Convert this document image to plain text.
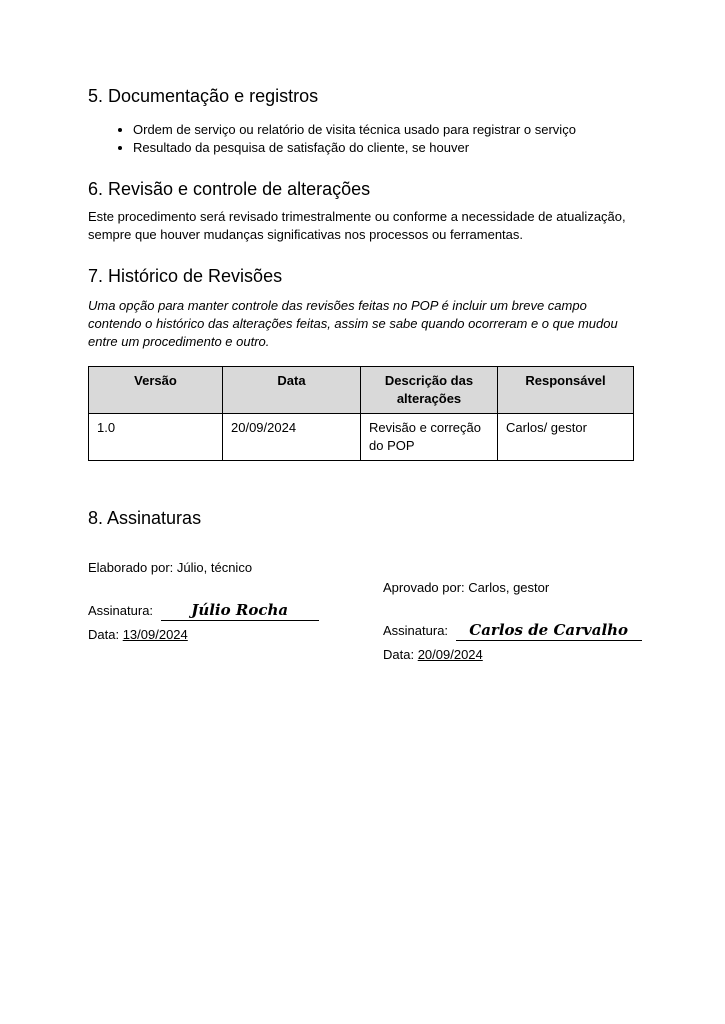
5. Documentação e registros
• Ordem de serviço ou relatório de visita técnica usado para registrar o serviço
• Resultado da pesquisa de satisfação do cliente, se houver
6. Revisão e controle de alterações

Este procedimento será revisado trimestralmente ou conforme a necessidade de atualização, sempre que houver mudanças significativas nos processos ou ferramentas.

7. Histórico de Revisões

Uma opção para manter controle das revisões feitas no POP é incluir um breve campo contendo o histórico das alterações feitas, assim se sabe quando ocorreram e o que mudou entre um procedimento e outro.

Versão	Data	Descrição das alterações	Responsável
1.0	20/09/2024	Revisão e correção do POP	Carlos/ gestor
8. Assinaturas
Elaborado por: Júlio, técnico
Assinatura:	Júlio Rocha
Data: 13/09/2024
Aprovado por: Carlos, gestor
Assinatura: Carlos de Carvalho
Data: 20/09/2024
